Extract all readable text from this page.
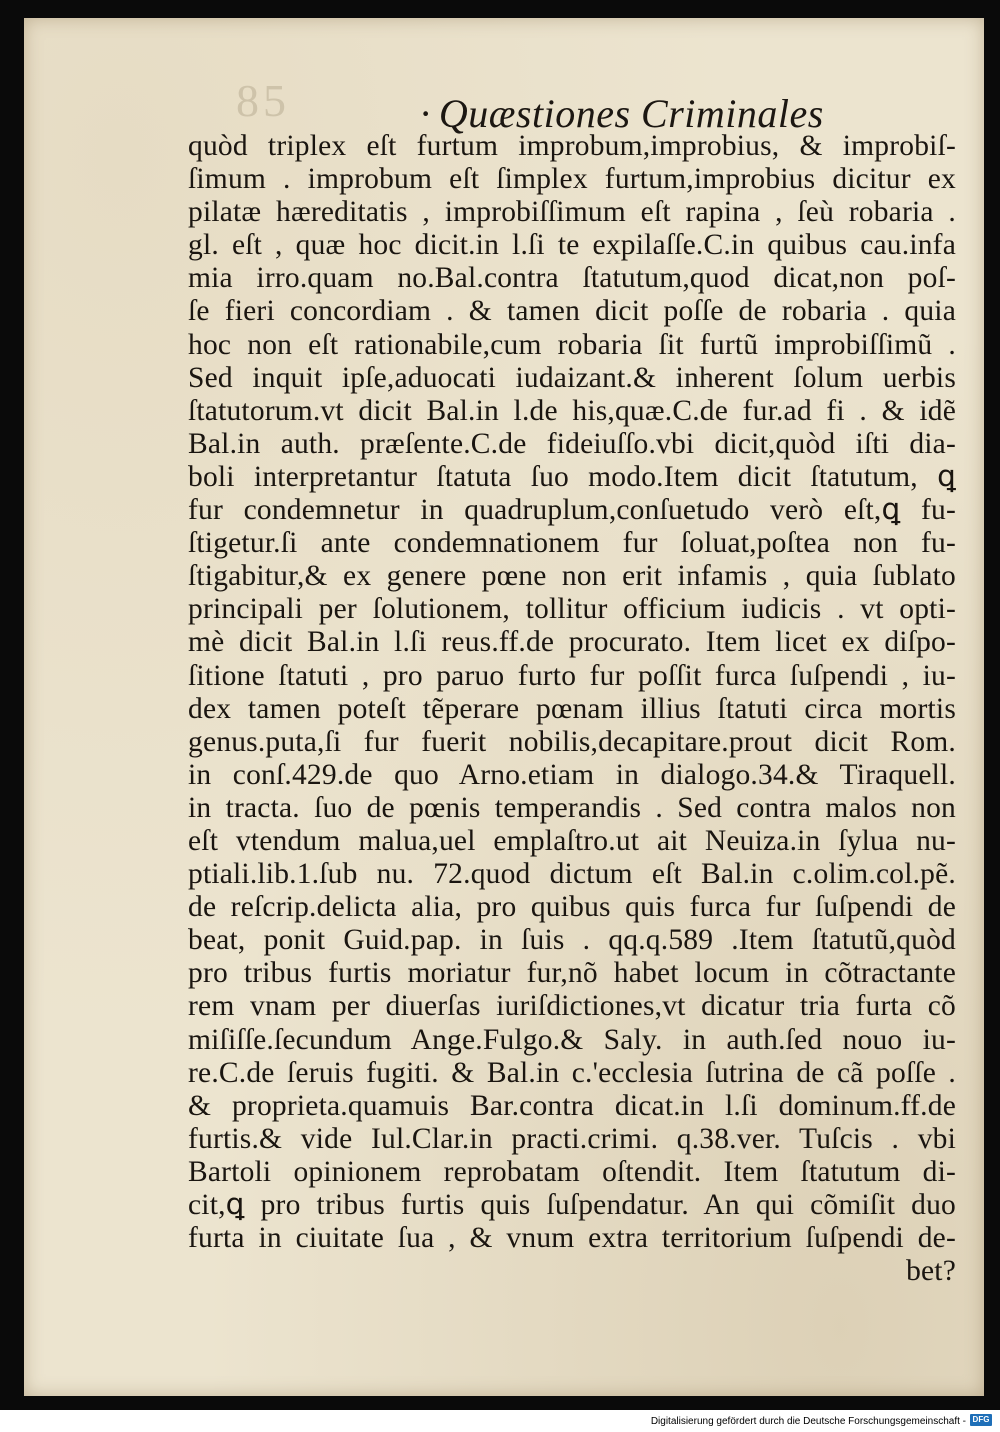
85	· Quæstiones Criminales
quòd triplex eſt furtum improbum,improbius, & improbiſ-
ſimum . improbum eſt ſimplex furtum,improbius dicitur ex
pilatæ hæreditatis , improbiſſimum eſt rapina , ſeù robaria .
gl. eſt , quæ hoc dicit.in l.ſi te expilaſſe.C.in quibus cau.infa
mia irro.quam no.Bal.contra ſtatutum,quod dicat,non poſ-
ſe fieri concordiam . & tamen dicit poſſe de robaria . quia
hoc non eſt rationabile,cum robaria ſit furtũ improbiſſimũ .
Sed inquit ipſe,aduocati iudaizant.& inherent ſolum uerbis
ſtatutorum.vt dicit Bal.in l.de his,quæ.C.de fur.ad fi . & idẽ
Bal.in auth. præſente.C.de fideiuſſo.vbi dicit,quòd iſti dia-
boli interpretantur ſtatuta ſuo modo.Item dicit ſtatutum, ꝗ
fur condemnetur in quadruplum,conſuetudo verò eſt,ꝗ fu-
ſtigetur.ſi ante condemnationem fur ſoluat,poſtea non fu-
ſtigabitur,& ex genere pœne non erit infamis , quia ſublato
principali per ſolutionem, tollitur officium iudicis . vt opti-
mè dicit Bal.in l.ſi reus.ff.de procurato. Item licet ex diſpo-
ſitione ſtatuti , pro paruo furto fur poſſit furca ſuſpendi , iu-
dex tamen poteſt tẽperare pœnam illius ſtatuti circa mortis
genus.puta,ſi fur fuerit nobilis,decapitare.prout dicit Rom.
in conſ.429.de quo Arno.etiam in dialogo.34.& Tiraquell.
in tracta. ſuo de pœnis temperandis . Sed contra malos non
eſt vtendum malua,uel emplaſtro.ut ait Neuiza.in ſylua nu-
ptiali.lib.1.ſub nu. 72.quod dictum eſt Bal.in c.olim.col.pẽ.
de reſcrip.delicta alia, pro quibus quis furca fur ſuſpendi de
beat, ponit Guid.pap. in ſuis . qq.q.589 .Item ſtatutũ,quòd
pro tribus furtis moriatur fur,nõ habet locum in cõtractante
rem vnam per diuerſas iuriſdictiones,vt dicatur tria furta cõ
miſiſſe.ſecundum Ange.Fulgo.& Saly. in auth.ſed nouo iu-
re.C.de ſeruis fugiti. & Bal.in c.'ecclesia ſutrina de cã poſſe .
& proprieta.quamuis Bar.contra dicat.in l.ſi dominum.ff.de
furtis.& vide Iul.Clar.in practi.crimi. q.38.ver. Tuſcis . vbi
Bartoli opinionem reprobatam oſtendit. Item ſtatutum di-
cit,ꝗ pro tribus furtis quis ſuſpendatur. An qui cõmiſit duo
furta in ciuitate ſua , & vnum extra territorium ſuſpendi de-
bet?
Digitalisierung gefördert durch die Deutsche Forschungsgemeinschaft - DFG
